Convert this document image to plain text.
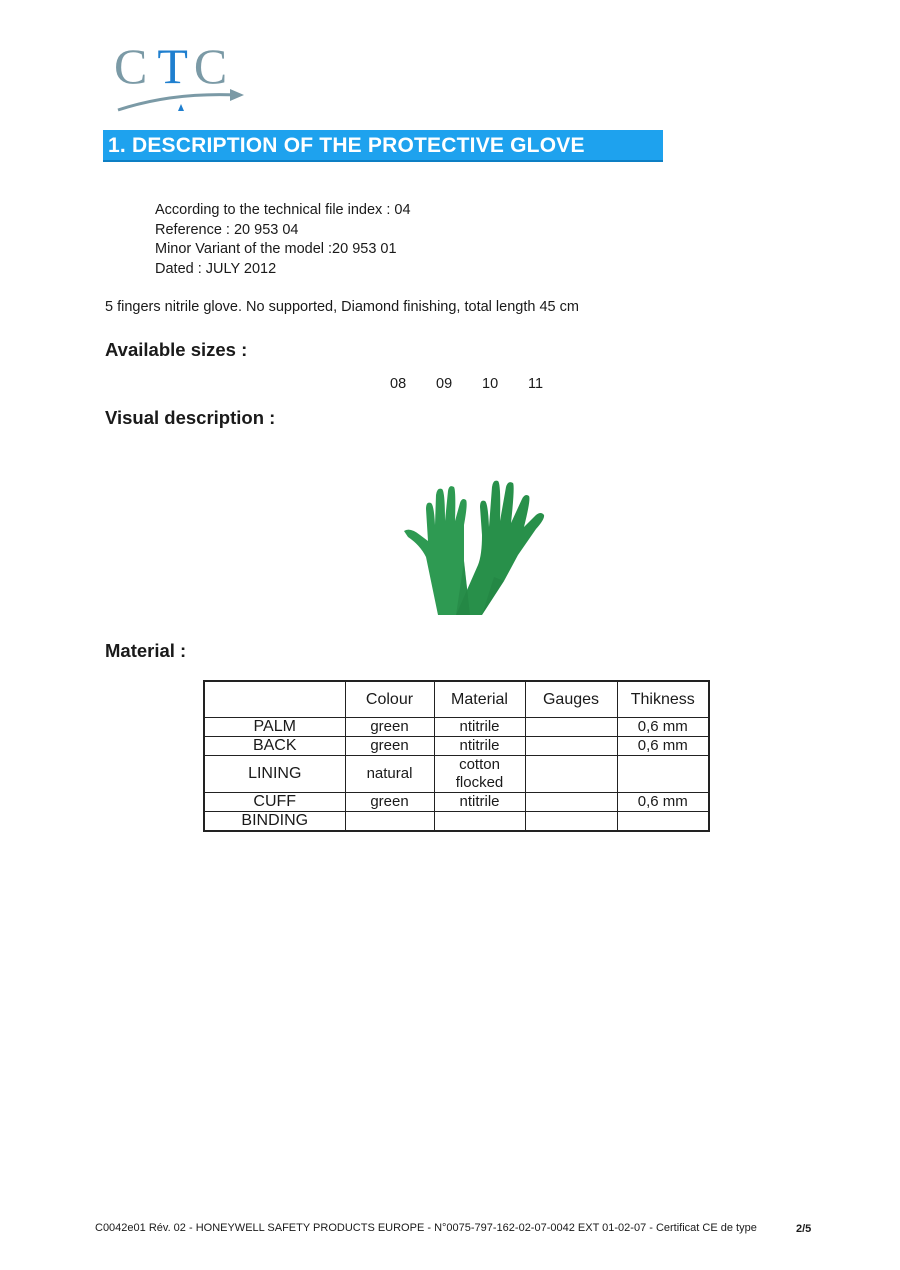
C T C
1. DESCRIPTION OF THE PROTECTIVE GLOVE
According to the technical file index : 04
Reference : 20 953 04
Minor Variant of the model :20 953 01
Dated : JULY 2012
5 fingers nitrile glove. No supported, Diamond finishing, total length 45 cm
Available sizes :
08	09	10	11
Visual description :
Material :
	Colour	Material	Gauges	Thikness
PALM	green	ntitrile		0,6 mm
BACK	green	ntitrile		0,6 mm
LINING	natural	cotton flocked		
CUFF	green	ntitrile		0,6 mm
BINDING				
C0042e01 Rév. 02 - HONEYWELL SAFETY PRODUCTS EUROPE - N°0075-797-162-02-07-0042 EXT 01-02-07 - Certificat CE de type	2/5
